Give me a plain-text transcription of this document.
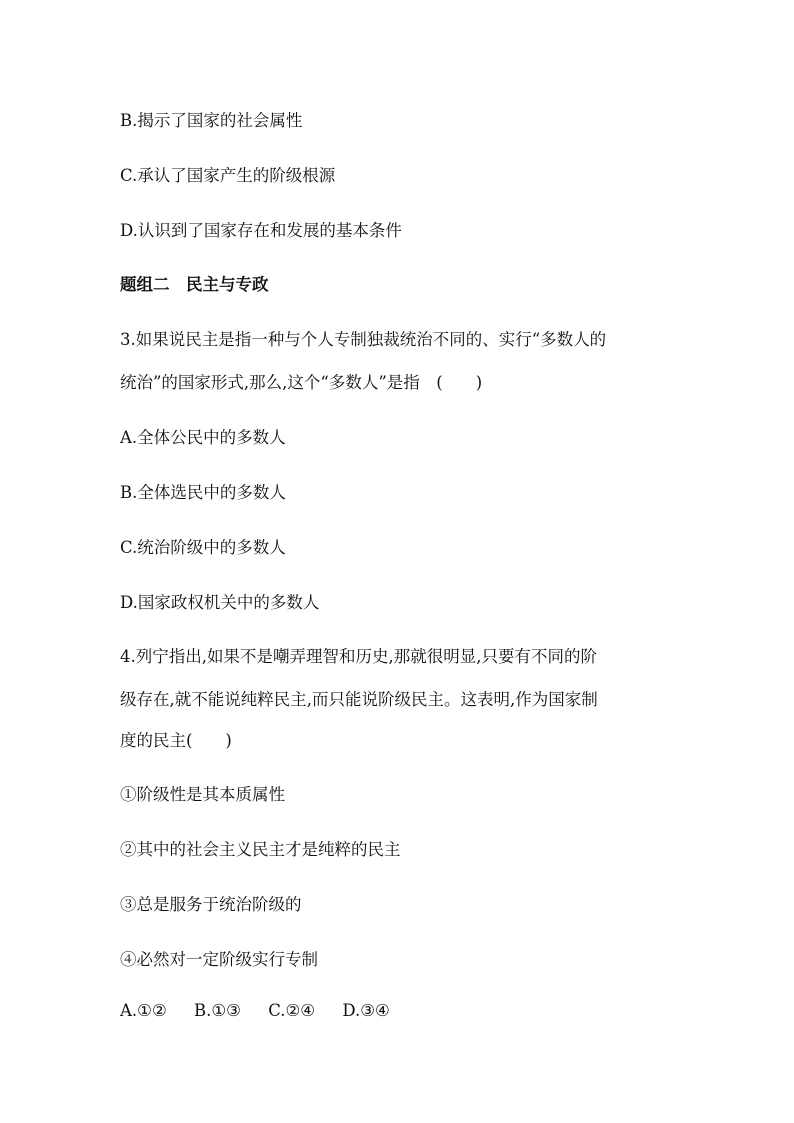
B.揭示了国家的社会属性
C.承认了国家产生的阶级根源
D.认识到了国家存在和发展的基本条件
题组二　民主与专政
3.如果说民主是指一种与个人专制独裁统治不同的、实行“多数人的
统治”的国家形式,那么,这个“多数人”是指　(　　)
A.全体公民中的多数人
B.全体选民中的多数人
C.统治阶级中的多数人
D.国家政权机关中的多数人
4.列宁指出,如果不是嘲弄理智和历史,那就很明显,只要有不同的阶
级存在,就不能说纯粹民主,而只能说阶级民主。这表明,作为国家制
度的民主(　　)
①阶级性是其本质属性
②其中的社会主义民主才是纯粹的民主
③总是服务于统治阶级的
④必然对一定阶级实行专制
A.①② B.①③ C.②④ D.③④
